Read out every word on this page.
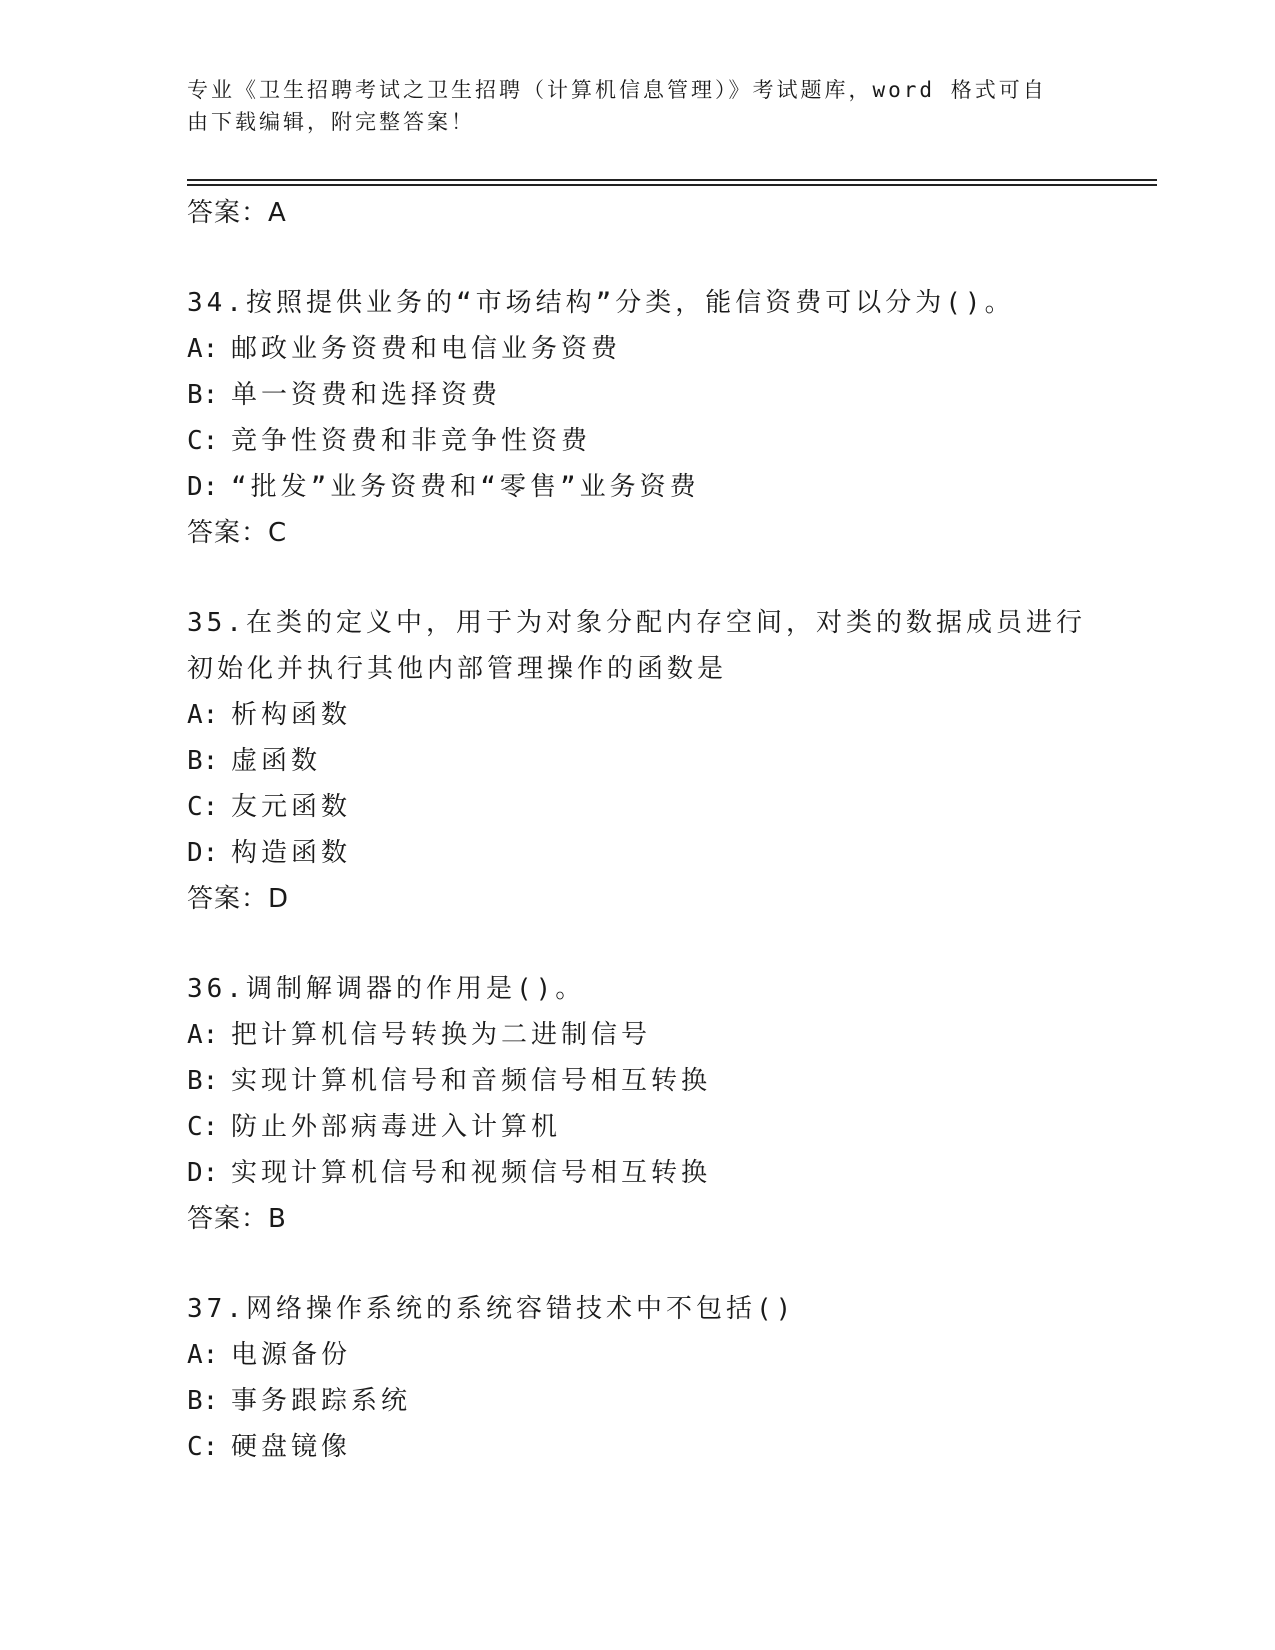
专业《卫生招聘考试之卫生招聘（计算机信息管理）》考试题库，word 格式可自
由下载编辑，附完整答案！
答案：A
34.按照提供业务的“市场结构”分类，能信资费可以分为()。
A: 邮政业务资费和电信业务资费
B: 单一资费和选择资费
C: 竞争性资费和非竞争性资费
D: “批发”业务资费和“零售”业务资费
答案：C
35.在类的定义中，用于为对象分配内存空间，对类的数据成员进行初始化并执行其他内部管理操作的函数是
A: 析构函数
B: 虚函数
C: 友元函数
D: 构造函数
答案：D
36.调制解调器的作用是()。
A: 把计算机信号转换为二进制信号
B: 实现计算机信号和音频信号相互转换
C: 防止外部病毒进入计算机
D: 实现计算机信号和视频信号相互转换
答案：B
37.网络操作系统的系统容错技术中不包括()
A: 电源备份
B: 事务跟踪系统
C: 硬盘镜像
